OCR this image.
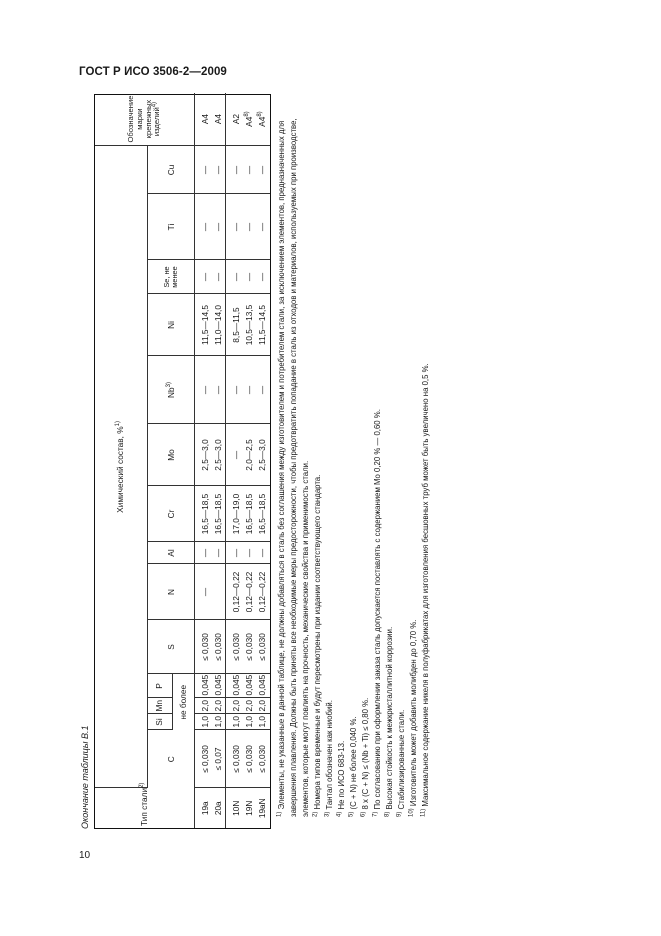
ГОСТ Р ИСО 3506-2—2009
Окончание таблицы В.1	Тип стали$^{2)}$	Химический состав, %$^{1)}$														Обозначение марки крепежных изделий$^{4)}$
	C	Si	Mn	P	S	N	Al	Cr	Mo	Nb$^{3)}$	Ni	Se, не менее	Ti	Cu	
		не более													

19a	≤ 0,030	1,0	2,0	0,045	≤ 0,030	—	—	16,5—18,5	2,5—3,0	—	11,5—14,5	—	—	—	A4
20a	≤ 0,07	1,0	2,0	0,045	≤ 0,030		—	16,5—18,5	2,5—3,0	—	11,0—14,0	—	—	—	A4

10N	≤ 0,030	1,0	2,0	0,045	≤ 0,030	0,12—0,22	—	17,0—19,0	—	—	8,5—11,5	—	—	—	A2
19N	≤ 0,030	1,0	2,0	0,045	≤ 0,030	0,12—0,22	—	16,5—18,5	2,0—2,5	—	10,5—13,5	—	—	—	A4$^{8)}$
19aN	≤ 0,030	1,0	2,0	0,045	≤ 0,030	0,12—0,22	—	16,5—18,5	2,5—3,0	—	11,5—14,5	—	—	—	A4$^{8)}$

$^{1)}$ Элементы, не указанные в данной таблице, не должны добавляться в сталь без соглашения между изготовителем и потребителем стали, за исключением элементов, предназначенных для завершения плавления. Должны быть приняты все необходимые меры предосторожности, чтобы предотвратить попадание в сталь из отходов и материалов, используемых при производстве, элементов, которые могут повлиять на прочность, механические свойства и применимость стали. $^{2)}$ Номера типов временные и будут пересмотрены при издании соответствующего стандарта.

$^{3)}$ Тантал обозначен как ниобий.

$^{4)}$ Не по ИСО 683-13.

$^{5)}$ (C + N) не более 0,040 %.

$^{6)}$ 8 x (C + N) ≤ (Nb + Ti) ≤ 0,80 %.

$^{7)}$ По согласованию при оформлении заказа сталь допускается поставлять с содержанием Mo 0,20 % — 0,60 %.

$^{8)}$ Высокая стойкость к межкристаллитной коррозии.

$^{9)}$ Стабилизированные стали.

$^{10)}$ Изготовитель может добавить молибден до 0,70 %.

$^{11)}$ Максимальное содержание никеля в полуфабрикатах для изготовления бесшовных труб может быть увеличено на 0,5 %.

10
